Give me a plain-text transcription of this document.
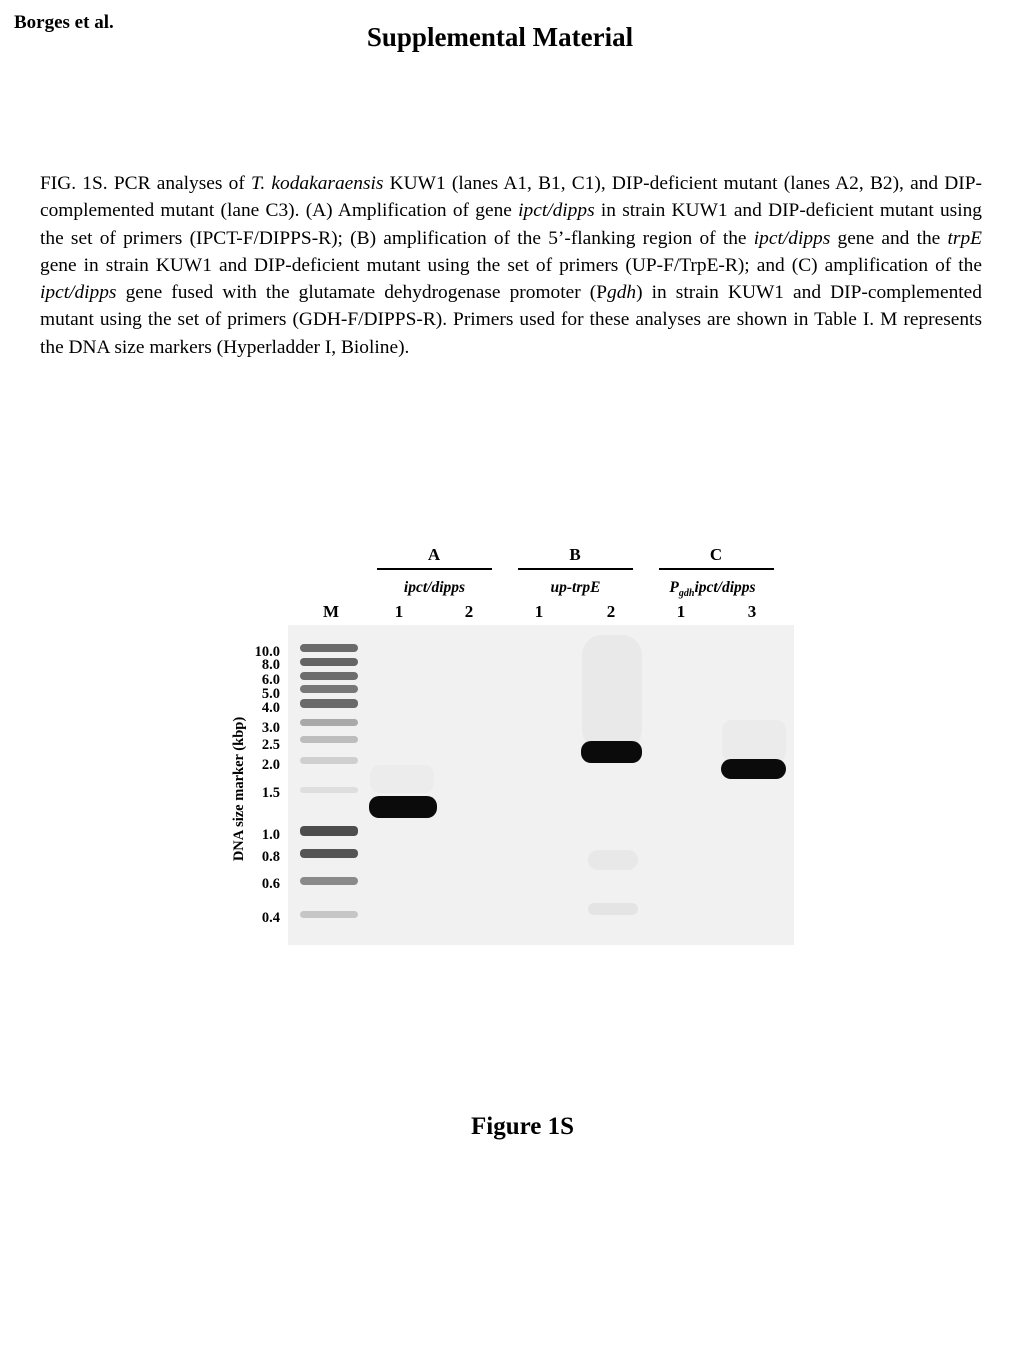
Borges et al.	Supplemental Material
FIG. 1S. PCR analyses of T. kodakaraensis KUW1 (lanes A1, B1, C1), DIP-deficient mutant (lanes A2, B2), and DIP-complemented mutant (lane C3). (A) Amplification of gene ipct/dipps in strain KUW1 and DIP-deficient mutant using the set of primers (IPCT-F/DIPPS-R); (B) amplification of the 5’-flanking region of the ipct/dipps gene and the trpE gene in strain KUW1 and DIP-deficient mutant using the set of primers (UP-F/TrpE-R); and (C) amplification of the ipct/dipps gene fused with the glutamate dehydrogenase promoter (Pgdh) in strain KUW1 and DIP-complemented mutant using the set of primers (GDH-F/DIPPS-R). Primers used for these analyses are shown in Table I. M represents the DNA size markers (Hyperladder I, Bioline).
A
ipct/dipps
B
up-trpE
C
$P_{gdh}ipct$/dipps
M	1	2	1	2	1	3
DNA size marker (kbp)
10.0
8.0
6.0
5.0
4.0
3.0
2.5
2.0
1.5
1.0
0.8
0.6
0.4
Figure 1S
